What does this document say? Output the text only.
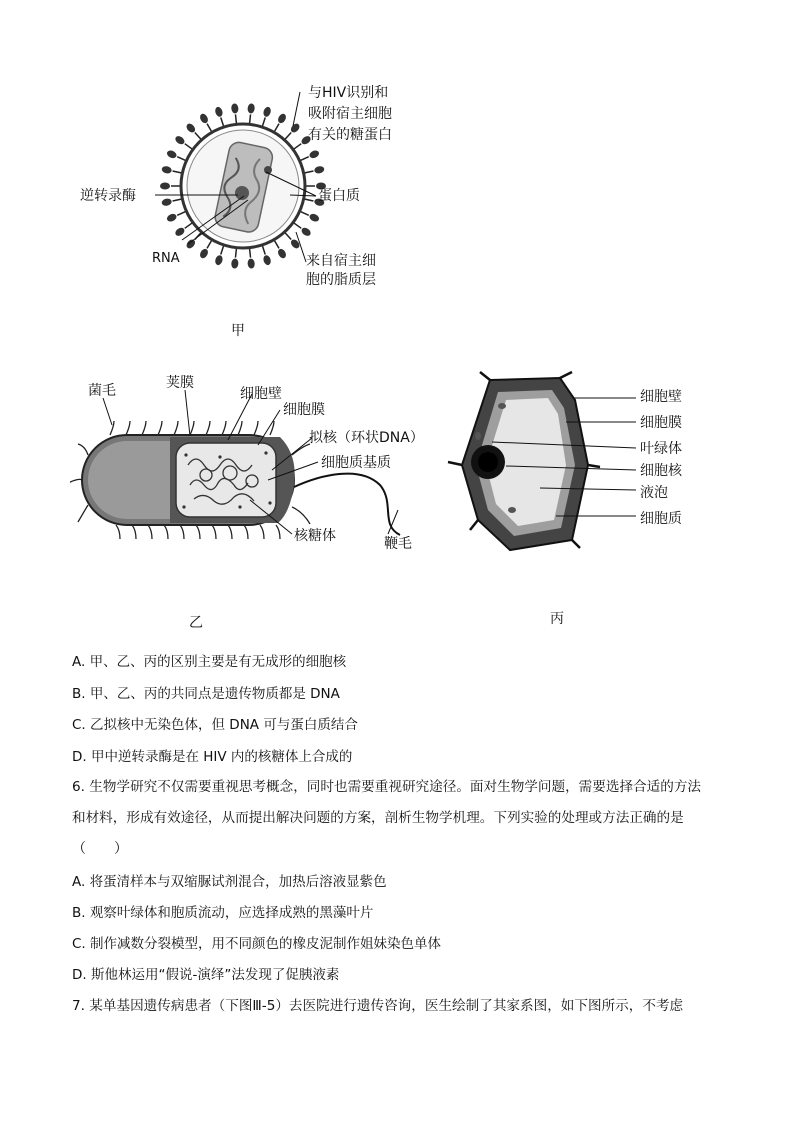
与HIV识别和
吸附宿主细胞
有关的糖蛋白
逆转录酶	蛋白质
RNA	来自宿主细
胞的脂质层
甲
菌毛	荚膜
细胞壁
细胞膜
拟核（环状DNA）
细胞质基质
核糖体	鞭毛
乙
细胞壁
细胞膜
叶绿体
细胞核
液泡
细胞质
丙
A. 甲、乙、丙的区别主要是有无成形的细胞核
B. 甲、乙、丙的共同点是遗传物质都是 DNA
C. 乙拟核中无染色体，但 DNA 可与蛋白质结合
D. 甲中逆转录酶是在 HIV 内的核糖体上合成的
6. 生物学研究不仅需要重视思考概念，同时也需要重视研究途径。面对生物学问题，需要选择合适的方法
和材料，形成有效途径，从而提出解决问题的方案，剖析生物学机理。下列实验的处理或方法正确的是
（　　）
A. 将蛋清样本与双缩脲试剂混合，加热后溶液显紫色
B. 观察叶绿体和胞质流动，应选择成熟的黑藻叶片
C. 制作减数分裂模型，用不同颜色的橡皮泥制作姐妹染色单体
D. 斯他林运用“假说-演绎”法发现了促胰液素
7. 某单基因遗传病患者（下图Ⅲ-5）去医院进行遗传咨询，医生绘制了其家系图，如下图所示，不考虑
